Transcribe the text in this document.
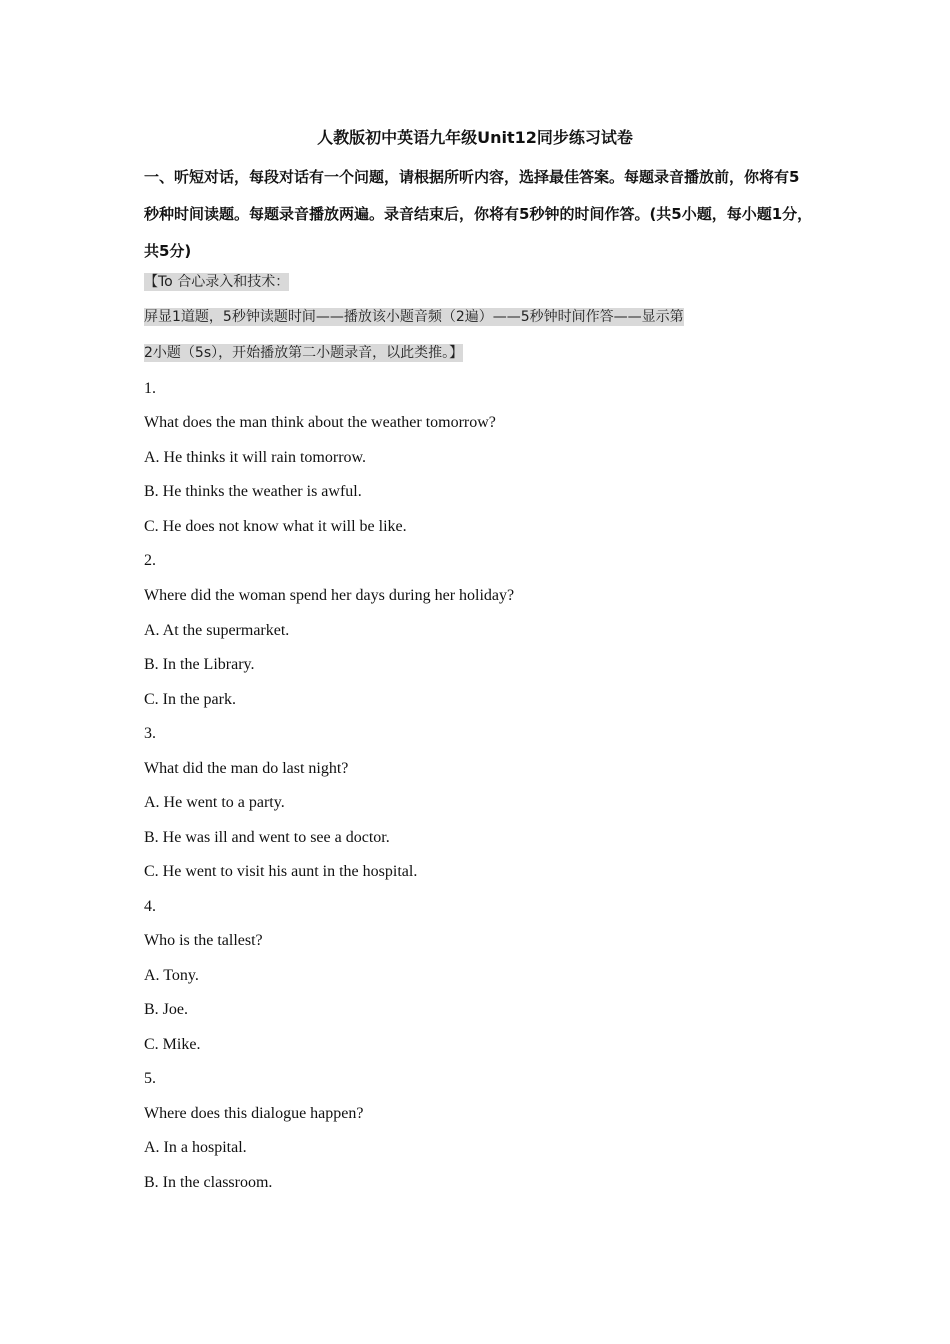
人教版初中英语九年级Unit12同步练习试卷
一、听短对话，每段对话有一个问题，请根据所听内容，选择最佳答案。每题录音播放前，你将有5秒种时间读题。每题录音播放两遍。录音结束后，你将有5秒钟的时间作答。(共5小题，每小题1分，共5分)
【To 合心录入和技术：
屏显1道题，5秒钟读题时间——播放该小题音频（2遍）——5秒钟时间作答——显示第
2小题（5s），开始播放第二小题录音，以此类推。】
1.
What does the man think about the weather tomorrow?
A. He thinks it will rain tomorrow.
B. He thinks the weather is awful.
C. He does not know what it will be like.
2.
Where did the woman spend her days during her holiday?
A. At the supermarket.
B. In the Library.
C. In the park.
3.
What did the man do last night?
A. He went to a party.
B. He was ill and went to see a doctor.
C. He went to visit his aunt in the hospital.
4.
Who is the tallest?
A. Tony.
B. Joe.
C. Mike.
5.
Where does this dialogue happen?
A. In a hospital.
B. In the classroom.
